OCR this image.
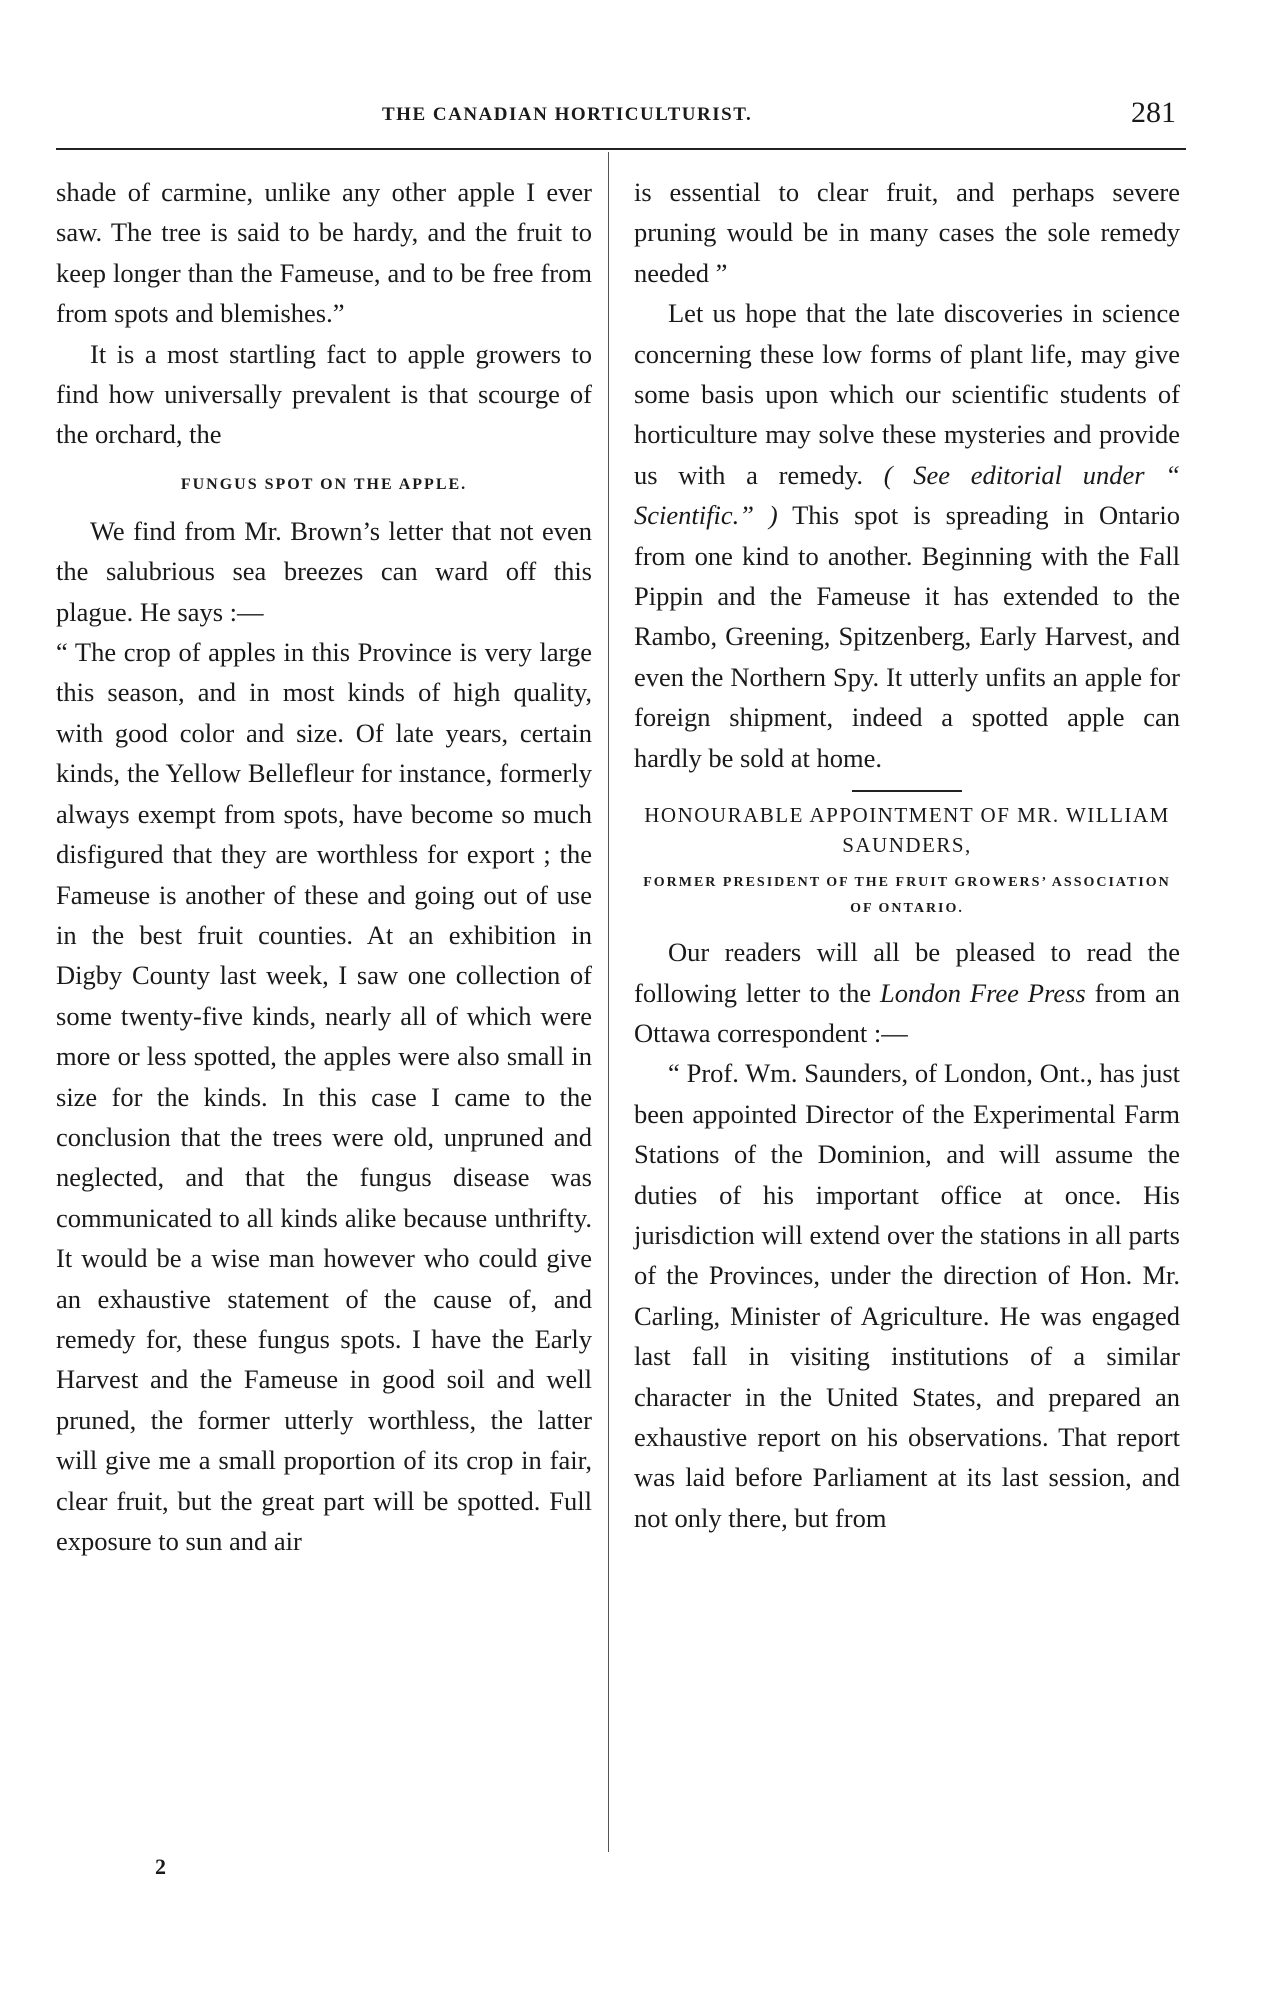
THE CANADIAN HORTICULTURIST.	281

shade of carmine, unlike any other apple I ever saw. The tree is said to be hardy, and the fruit to keep longer than the Fameuse, and to be free from from spots and blemishes.”

It is a most startling fact to apple growers to find how universally prevalent is that scourge of the orchard, the

FUNGUS SPOT ON THE APPLE.

We find from Mr. Brown’s letter that not even the salubrious sea breezes can ward off this plague. He says :—

“ The crop of apples in this Province is very large this season, and in most kinds of high quality, with good color and size. Of late years, certain kinds, the Yellow Bellefleur for instance, formerly always exempt from spots, have become so much disfigured that they are worthless for export ; the Fameuse is another of these and going out of use in the best fruit counties. At an exhibition in Digby County last week, I saw one collection of some twenty-five kinds, nearly all of which were more or less spotted, the apples were also small in size for the kinds. In this case I came to the conclusion that the trees were old, unpruned and neglected, and that the fungus disease was communicated to all kinds alike because unthrifty. It would be a wise man however who could give an exhaustive statement of the cause of, and remedy for, these fungus spots. I have the Early Harvest and the Fameuse in good soil and well pruned, the former utterly worthless, the latter will give me a small proportion of its crop in fair, clear fruit, but the great part will be spotted. Full exposure to sun and air

is essential to clear fruit, and perhaps severe pruning would be in many cases the sole remedy needed ”

Let us hope that the late discoveries in science concerning these low forms of plant life, may give some basis upon which our scientific students of horticulture may solve these mysteries and provide us with a remedy. ( See editorial under “ Scientific.” ) This spot is spreading in Ontario from one kind to another. Beginning with the Fall Pippin and the Fameuse it has extended to the Rambo, Greening, Spitzenberg, Early Harvest, and even the Northern Spy. It utterly unfits an apple for foreign shipment, indeed a spotted apple can hardly be sold at home.

HONOURABLE APPOINTMENT OF MR. WILLIAM SAUNDERS,
FORMER PRESIDENT OF THE FRUIT GROWERS’ ASSOCIATION OF ONTARIO.

Our readers will all be pleased to read the following letter to the London Free Press from an Ottawa correspondent :—

“ Prof. Wm. Saunders, of London, Ont., has just been appointed Director of the Experimental Farm Stations of the Dominion, and will assume the duties of his important office at once. His jurisdiction will extend over the stations in all parts of the Provinces, under the direction of Hon. Mr. Carling, Minister of Agriculture. He was engaged last fall in visiting institutions of a similar character in the United States, and prepared an exhaustive report on his observations. That report was laid before Parliament at its last session, and not only there, but from

2
